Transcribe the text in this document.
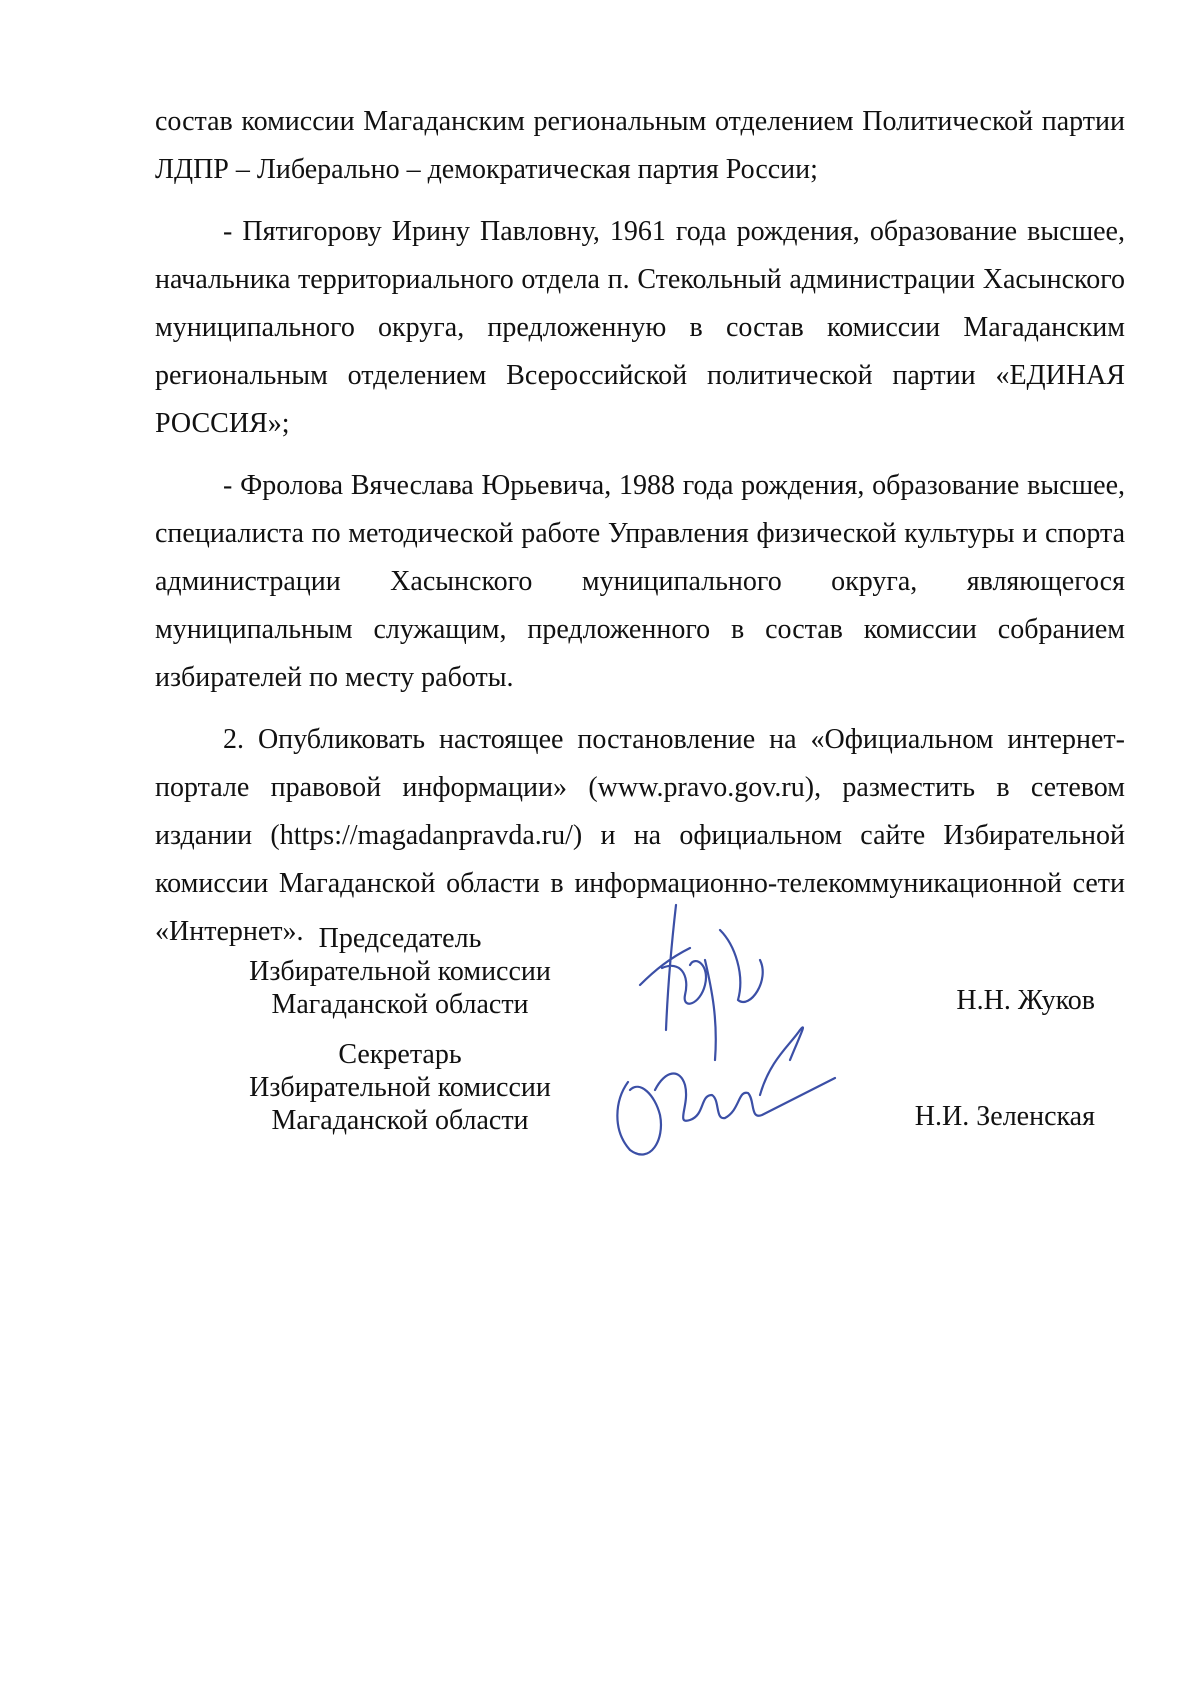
состав комиссии Магаданским региональным отделением Политической партии ЛДПР – Либерально – демократическая партия России;

- Пятигорову Ирину Павловну, 1961 года рождения, образование высшее, начальника территориального отдела п. Стекольный администрации Хасынского муниципального округа, предложенную в состав комиссии Магаданским региональным отделением Всероссийской политической партии «ЕДИНАЯ РОССИЯ»;

- Фролова Вячеслава Юрьевича, 1988 года рождения, образование высшее, специалиста по методической работе Управления физической культуры и спорта администрации Хасынского муниципального округа, являющегося муниципальным служащим, предложенного в состав комиссии собранием избирателей по месту работы.

2. Опубликовать настоящее постановление на «Официальном интернет-портале правовой информации» (www.pravo.gov.ru), разместить в сетевом издании (https://magadanpravda.ru/) и на официальном сайте Избирательной комиссии Магаданской области в информационно-телекоммуникационной сети «Интернет». Председатель
Избирательной комиссии
Магаданской области	Н.Н. Жуков
Секретарь
Избирательной комиссии
Магаданской области	Н.И. Зеленская
